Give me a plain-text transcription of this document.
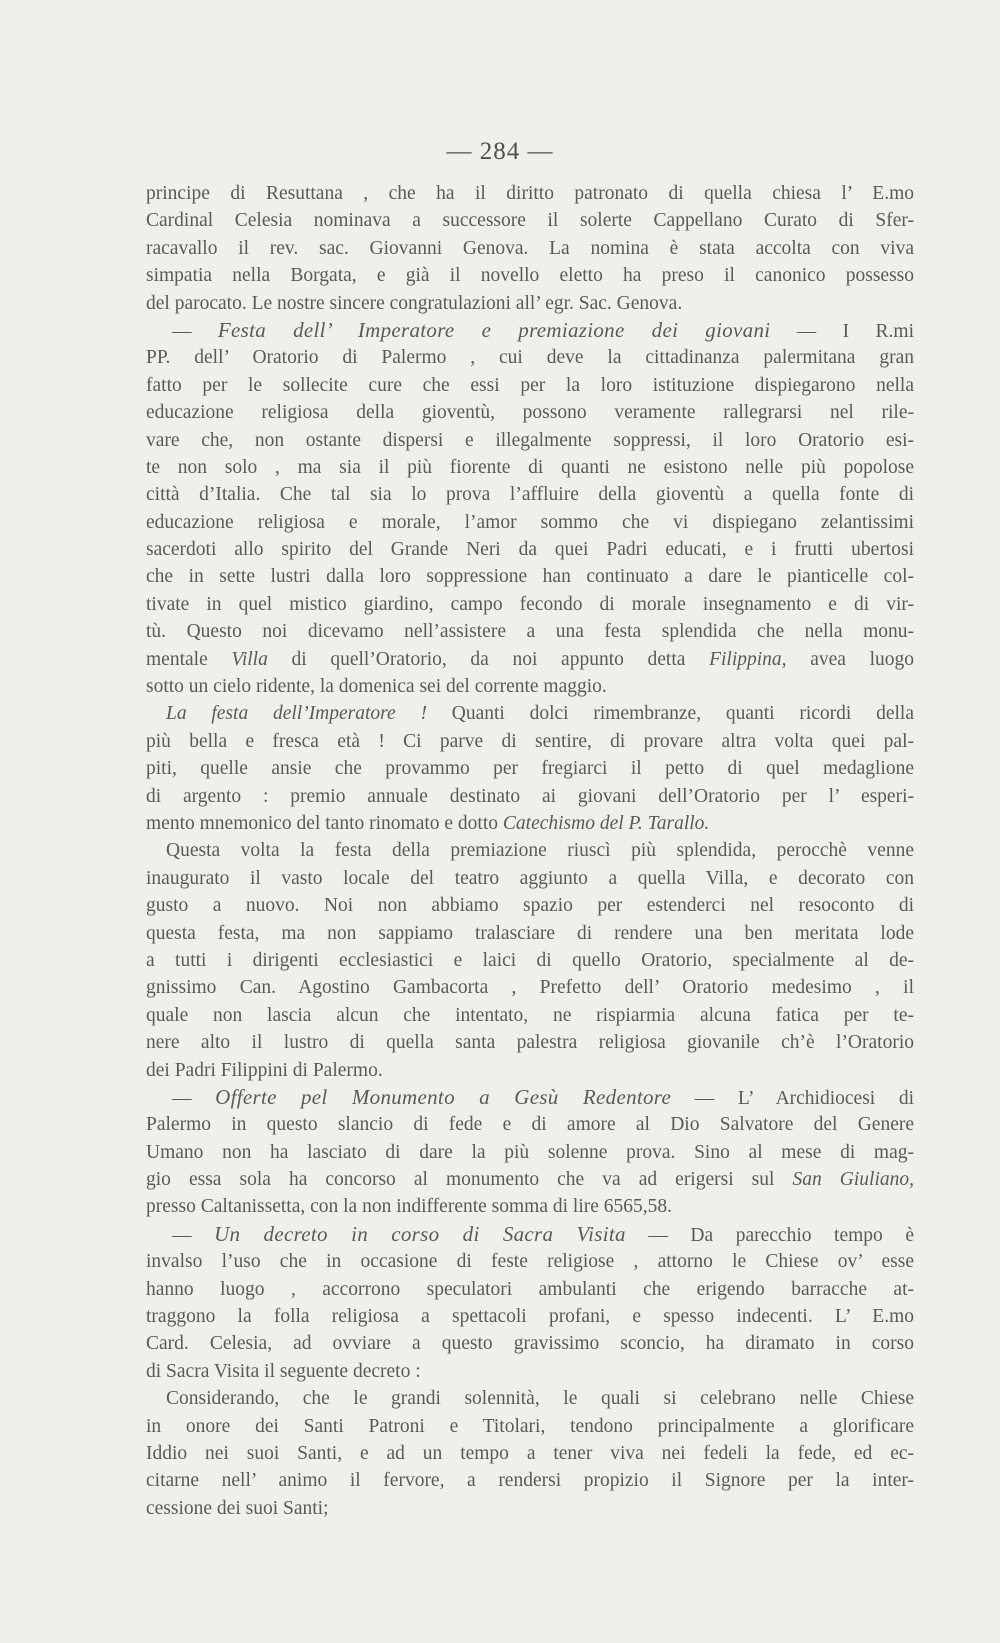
— 284 —
principe di Resuttana , che ha il diritto patronato di quella chiesa l’ E.mo
Cardinal Celesia nominava a successore il solerte Cappellano Curato di Sfer-
racavallo il rev. sac. Giovanni Genova. La nomina è stata accolta con viva
simpatia nella Borgata, e già il novello eletto ha preso il canonico possesso
del parocato. Le nostre sincere congratulazioni all’ egr. Sac. Genova.
— Festa dell’ Imperatore e premiazione dei giovani — I R.mi
PP. dell’ Oratorio di Palermo , cui deve la cittadinanza palermitana gran
fatto per le sollecite cure che essi per la loro istituzione dispiegarono nella
educazione religiosa della gioventù, possono veramente rallegrarsi nel rile-
vare che, non ostante dispersi e illegalmente soppressi, il loro Oratorio esi-
te non solo , ma sia il più fiorente di quanti ne esistono nelle più popolose
città d’Italia. Che tal sia lo prova l’affluire della gioventù a quella fonte di
educazione religiosa e morale, l’amor sommo che vi dispiegano zelantissimi
sacerdoti allo spirito del Grande Neri da quei Padri educati, e i frutti ubertosi
che in sette lustri dalla loro soppressione han continuato a dare le pianticelle col-
tivate in quel mistico giardino, campo fecondo di morale insegnamento e di vir-
tù. Questo noi dicevamo nell’assistere a una festa splendida che nella monu-
mentale Villa di quell’Oratorio, da noi appunto detta Filippina, avea luogo
sotto un cielo ridente, la domenica sei del corrente maggio.
La festa dell’Imperatore ! Quanti dolci rimembranze, quanti ricordi della
più bella e fresca età ! Ci parve di sentire, di provare altra volta quei pal-
piti, quelle ansie che provammo per fregiarci il petto di quel medaglione
di argento : premio annuale destinato ai giovani dell’Oratorio per l’ esperi-
mento mnemonico del tanto rinomato e dotto Catechismo del P. Tarallo.
Questa volta la festa della premiazione riuscì più splendida, perocchè venne
inaugurato il vasto locale del teatro aggiunto a quella Villa, e decorato con
gusto a nuovo. Noi non abbiamo spazio per estenderci nel resoconto di
questa festa, ma non sappiamo tralasciare di rendere una ben meritata lode
a tutti i dirigenti ecclesiastici e laici di quello Oratorio, specialmente al de-
gnissimo Can. Agostino Gambacorta , Prefetto dell’ Oratorio medesimo , il
quale non lascia alcun che intentato, ne rispiarmia alcuna fatica per te-
nere alto il lustro di quella santa palestra religiosa giovanile ch’è l’Oratorio
dei Padri Filippini di Palermo.
— Offerte pel Monumento a Gesù Redentore — L’ Archidiocesi di
Palermo in questo slancio di fede e di amore al Dio Salvatore del Genere
Umano non ha lasciato di dare la più solenne prova. Sino al mese di mag-
gio essa sola ha concorso al monumento che va ad erigersi sul San Giuliano,
presso Caltanissetta, con la non indifferente somma di lire 6565,58.
— Un decreto in corso di Sacra Visita — Da parecchio tempo è
invalso l’uso che in occasione di feste religiose , attorno le Chiese ov’ esse
hanno luogo , accorrono speculatori ambulanti che erigendo barracche at-
traggono la folla religiosa a spettacoli profani, e spesso indecenti. L’ E.mo
Card. Celesia, ad ovviare a questo gravissimo sconcio, ha diramato in corso
di Sacra Visita il seguente decreto :
Considerando, che le grandi solennità, le quali si celebrano nelle Chiese
in onore dei Santi Patroni e Titolari, tendono principalmente a glorificare
Iddio nei suoi Santi, e ad un tempo a tener viva nei fedeli la fede, ed ec-
citarne nell’ animo il fervore, a rendersi propizio il Signore per la inter-
cessione dei suoi Santi;
